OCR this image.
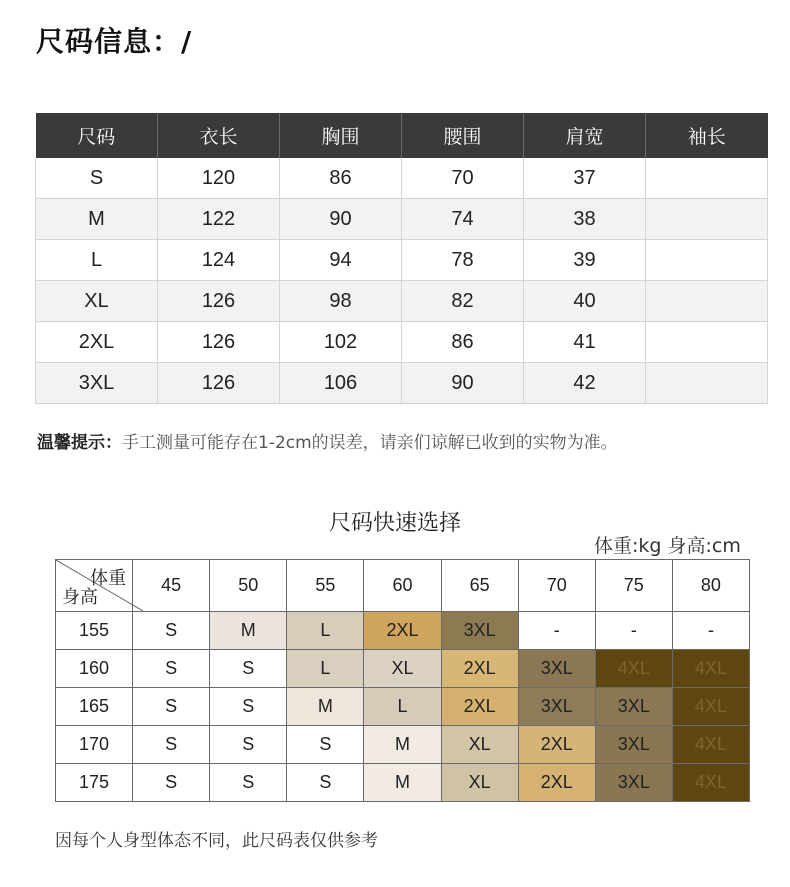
尺码信息：/
尺码	衣长	胸围	腰围	肩宽	袖长
S	120	86	70	37	
M	122	90	74	38	
L	124	94	78	39	
XL	126	98	82	40	
2XL	126	102	86	41	
3XL	126	106	90	42	
温馨提示：手工测量可能存在1-2cm的误差，请亲们谅解已收到的实物为准。
尺码快速选择
体重:kg 身高:cm
体重
身高	45	50	55	60	65	70	75	80
155	S	M	L	2XL	3XL	-	-	-
160	S	S	L	XL	2XL	3XL	4XL	4XL
165	S	S	M	L	2XL	3XL	3XL	4XL
170	S	S	S	M	XL	2XL	3XL	4XL
175	S	S	S	M	XL	2XL	3XL	4XL
因每个人身型体态不同，此尺码表仅供参考
